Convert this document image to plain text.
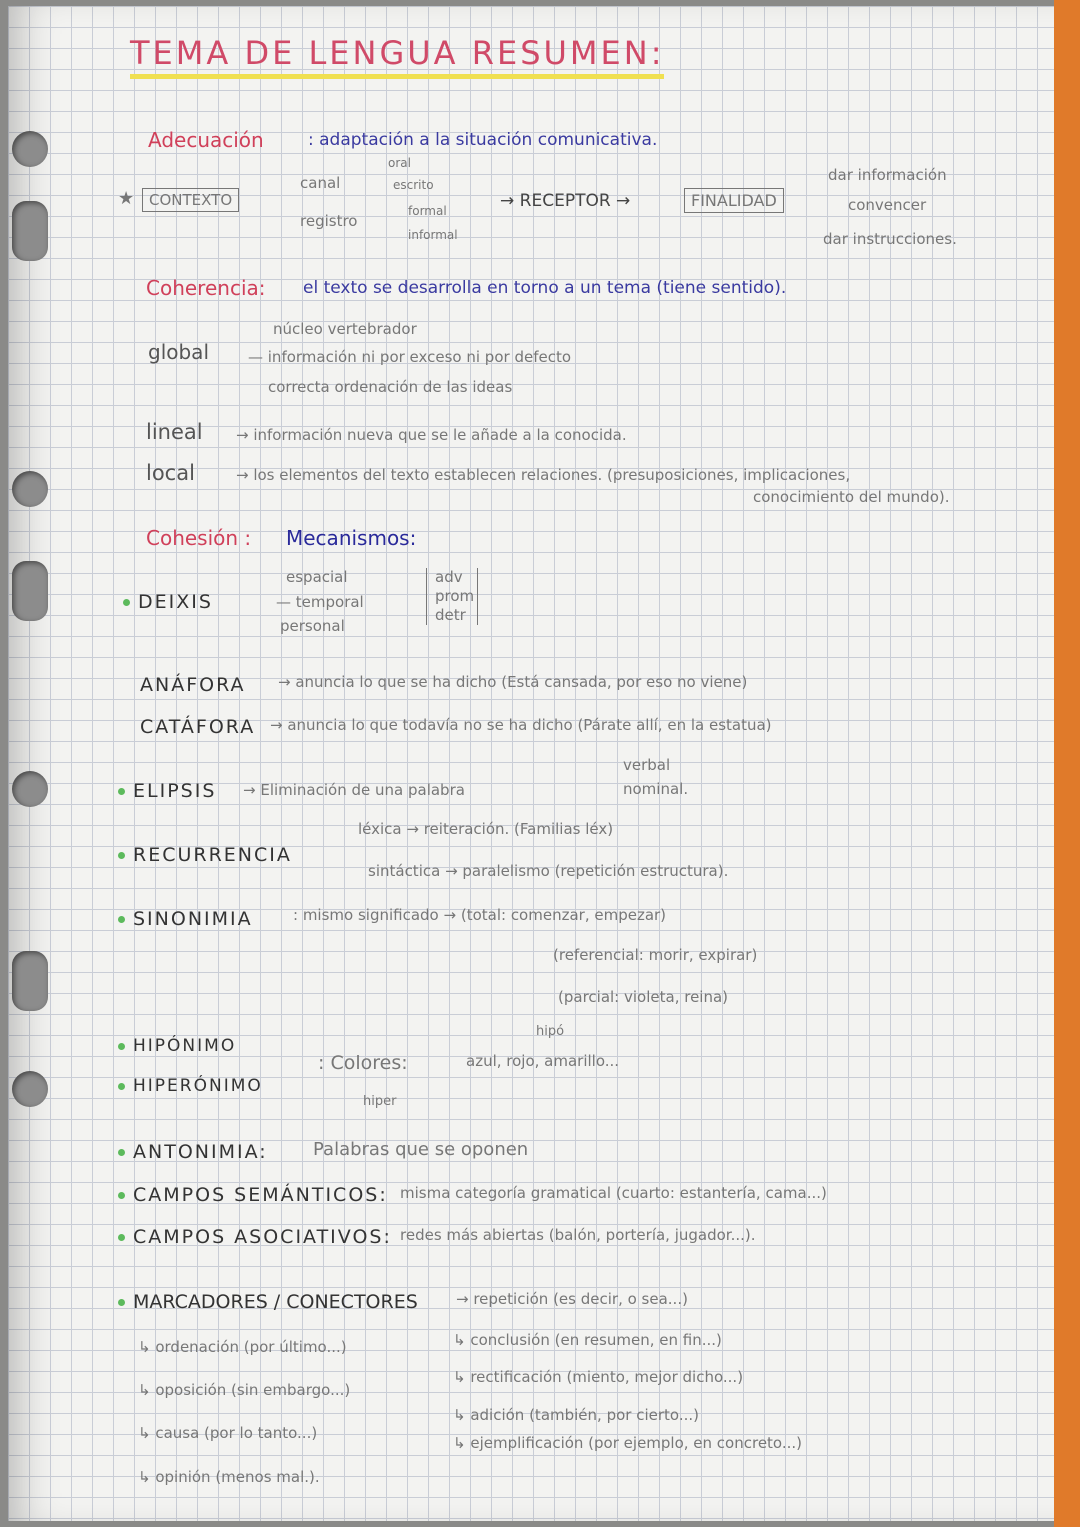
TEMA DE LENGUA RESUMEN:
Adecuación	: adaptación a la situación comunicativa.
★ CONTEXTO
canal
oral
escrito
registro
formal
informal
→ RECEPTOR →	FINALIDAD
dar información
convencer
dar instrucciones.
Coherencia: el texto se desarrolla en torno a un tema (tiene sentido).
global
núcleo vertebrador
— información ni por exceso ni por defecto
correcta ordenación de las ideas
lineal → información nueva que se le añade a la conocida.
local	→ los elementos del texto establecen relaciones. (presuposiciones, implicaciones,
conocimiento del mundo).
Cohesión : Mecanismos:
DEIXIS
espacial
— temporal
personal
adv
prom
detr
ANÁFORA → anuncia lo que se ha dicho (Está cansada, por eso no viene)
CATÁFORA → anuncia lo que todavía no se ha dicho (Párate allí, en la estatua)
ELIPSIS → Eliminación de una palabra
verbal
nominal.
RECURRENCIA
léxica → reiteración. (Familias léx)
sintáctica → paralelismo (repetición estructura).
SINONIMIA	: mismo significado → (total: comenzar, empezar)
(referencial: morir, expirar)
(parcial: violeta, reina)
HIPÓNIMO
HIPERÓNIMO
hipó
: Colores:	azul, rojo, amarillo...
hiper
ANTONIMIA:	Palabras que se oponen
CAMPOS SEMÁNTICOS: misma categoría gramatical (cuarto: estantería, cama...)
CAMPOS ASOCIATIVOS: redes más abiertas (balón, portería, jugador...).
MARCADORES / CONECTORES	→ repetición (es decir, o sea...)
↳ ordenación (por último...)
↳ oposición (sin embargo...)
↳ causa (por lo tanto...)
↳ opinión (menos mal.).
↳ conclusión (en resumen, en fin...)
↳ rectificación (miento, mejor dicho...)
↳ adición (también, por cierto...)
↳ ejemplificación (por ejemplo, en concreto...)
